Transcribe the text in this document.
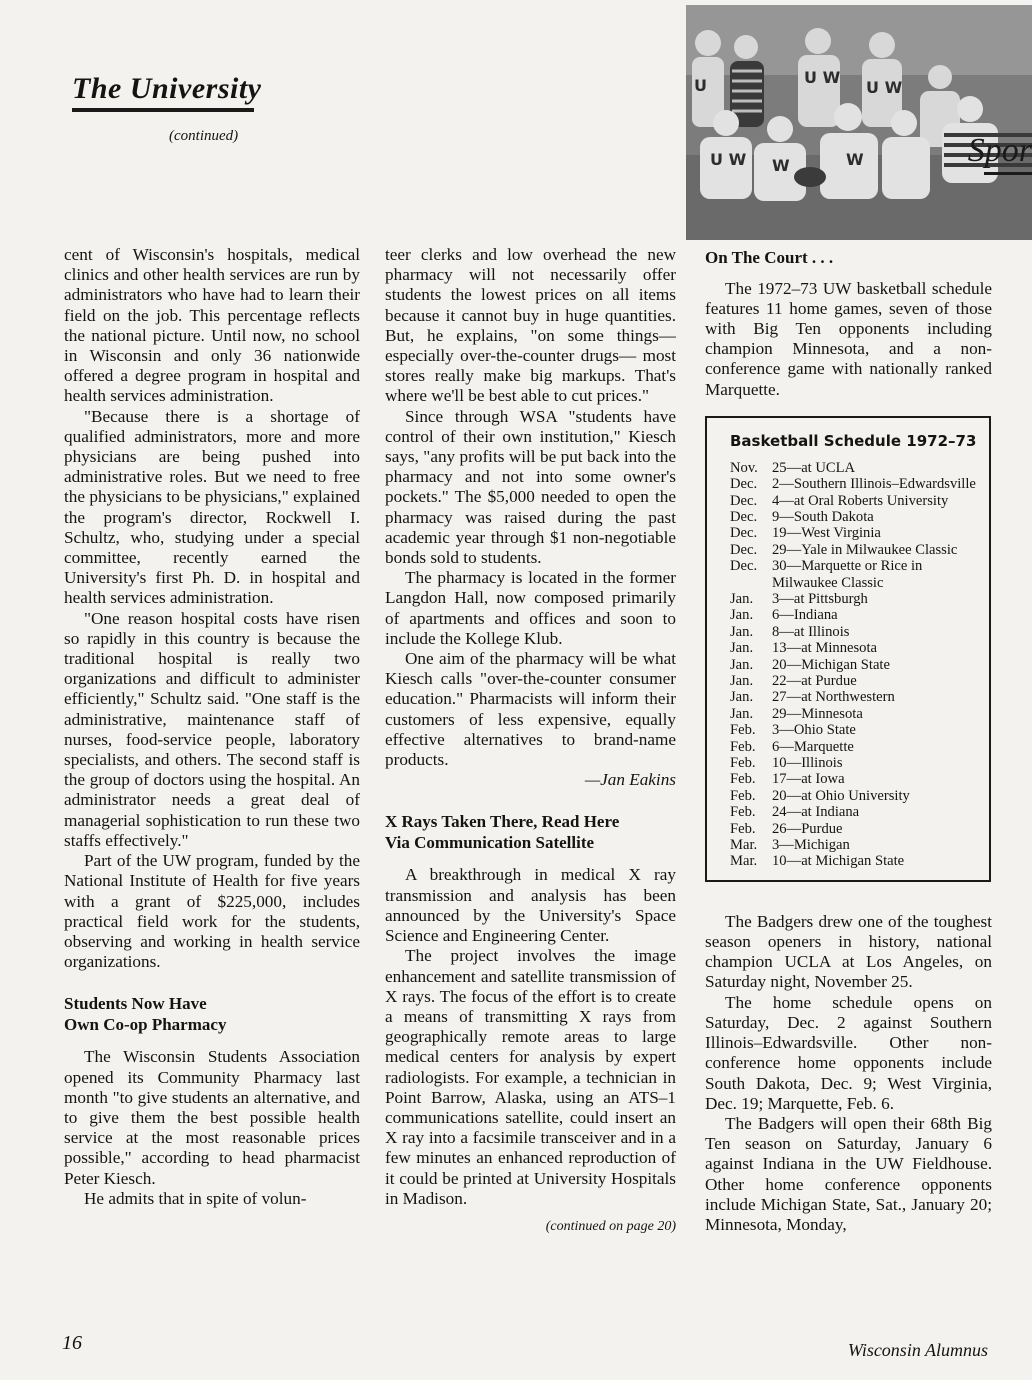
The University
(continued)
U	U W
U W
U W W	W	Spor

cent of Wisconsin's hospitals, medical clinics and other health services are run by administrators who have had to learn their field on the job. This percentage reflects the national picture. Until now, no school in Wisconsin and only 36 nationwide offered a degree program in hospital and health services administration.

"Because there is a shortage of qualified administrators, more and more physicians are being pushed into administrative roles. But we need to free the physicians to be physicians," explained the program's director, Rockwell I. Schultz, who, studying under a special committee, recently earned the University's first Ph. D. in hospital and health services administration.

"One reason hospital costs have risen so rapidly in this country is because the traditional hospital is really two organizations and difficult to administer efficiently," Schultz said. "One staff is the administrative, maintenance staff of nurses, food-service people, laboratory specialists, and others. The second staff is the group of doctors using the hospital. An administrator needs a great deal of managerial sophistication to run these two staffs effectively."

Part of the UW program, funded by the National Institute of Health for five years with a grant of $225,000, includes practical field work for the students, observing and working in health service organizations.

Students Now Have
Own Co-op Pharmacy

The Wisconsin Students Association opened its Community Pharmacy last month "to give students an alternative, and to give them the best possible health service at the most reasonable prices possible," according to head pharmacist Peter Kiesch.

He admits that in spite of volun-

teer clerks and low overhead the new pharmacy will not necessarily offer students the lowest prices on all items because it cannot buy in huge quantities. But, he explains, "on some things—especially over-the-counter drugs— most stores really make big markups. That's where we'll be best able to cut prices."

Since through WSA "students have control of their own institution," Kiesch says, "any profits will be put back into the pharmacy and not into some owner's pockets." The $5,000 needed to open the pharmacy was raised during the past academic year through $1 non-negotiable bonds sold to students.

The pharmacy is located in the former Langdon Hall, now composed primarily of apartments and offices and soon to include the Kollege Klub.

One aim of the pharmacy will be what Kiesch calls "over-the-counter consumer education." Pharmacists will inform their customers of less expensive, equally effective alternatives to brand-name products.

—Jan Eakins

X Rays Taken There, Read Here
Via Communication Satellite

A breakthrough in medical X ray transmission and analysis has been announced by the University's Space Science and Engineering Center.

The project involves the image enhancement and satellite transmission of X rays. The focus of the effort is to create a means of transmitting X rays from geographically remote areas to large medical centers for analysis by expert radiologists. For example, a technician in Point Barrow, Alaska, using an ATS–1 communications satellite, could insert an X ray into a facsimile transceiver and in a few minutes an enhanced reproduction of it could be printed at University Hospitals in Madison.

(continued on page 20)

On The Court . . .

The 1972–73 UW basketball schedule features 11 home games, seven of those with Big Ten opponents including champion Minnesota, and a non-conference game with nationally ranked Marquette.

Basketball Schedule 1972–73
Nov. 25—at UCLA
Dec.	2—Southern Illinois–Edwardsville
Dec.	4—at Oral Roberts University
Dec.	9—South Dakota
Dec.	19—West Virginia
Dec.	29—Yale in Milwaukee Classic
Dec.	30—Marquette or Rice in Milwaukee Classic
Jan.	3—at Pittsburgh
Jan.	6—Indiana
Jan.	8—at Illinois
Jan.	13—at Minnesota
Jan.	20—Michigan State
Jan.	22—at Purdue
Jan.	27—at Northwestern
Jan.	29—Minnesota
Feb.	3—Ohio State
Feb.	6—Marquette
Feb.	10—Illinois
Feb.	17—at Iowa
Feb.	20—at Ohio University
Feb.	24—at Indiana
Feb.	26—Purdue
Mar.	3—Michigan
Mar.	10—at Michigan State

The Badgers drew one of the toughest season openers in history, national champion UCLA at Los Angeles, on Saturday night, November 25.

The home schedule opens on Saturday, Dec. 2 against Southern Illinois–Edwardsville. Other non-conference home opponents include South Dakota, Dec. 9; West Virginia, Dec. 19; Marquette, Feb. 6.

The Badgers will open their 68th Big Ten season on Saturday, January 6 against Indiana in the UW Fieldhouse. Other home conference opponents include Michigan State, Sat., January 20; Minnesota, Monday,

16	Wisconsin Alumnus
